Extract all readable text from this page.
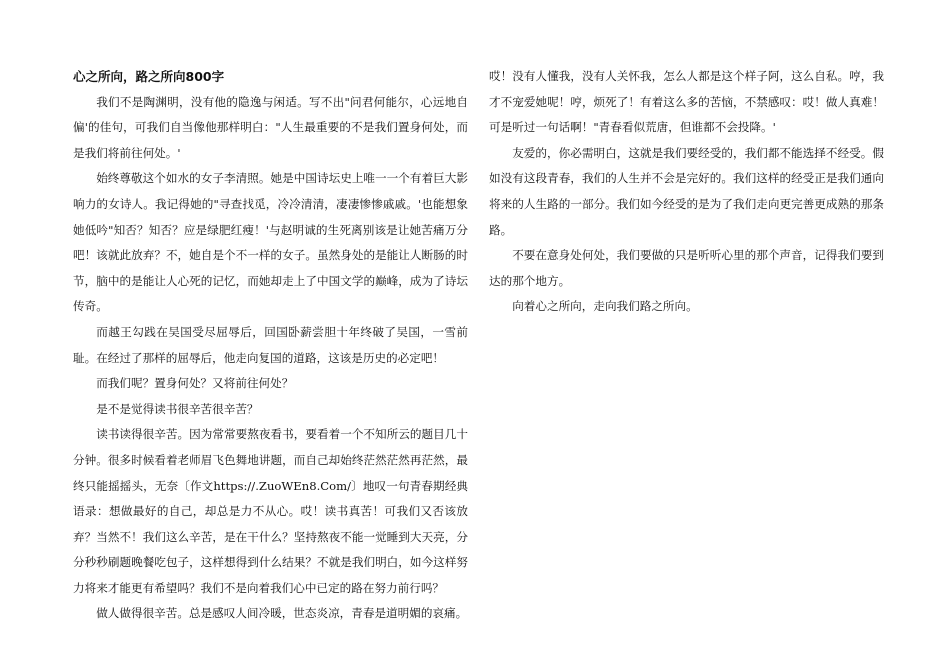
心之所向，路之所向800字

我们不是陶渊明，没有他的隐逸与闲适。写不出"问君何能尔，心远地自偏'的佳句，可我们自当像他那样明白："人生最重要的不是我们置身何处，而是我们将前往何处。'

始终尊敬这个如水的女子李清照。她是中国诗坛史上唯一一个有着巨大影响力的女诗人。我记得她的"寻查找觅，冷冷清清，凄凄惨惨戚戚。'也能想象她低吟"知否？知否？应是绿肥红瘦！'与赵明诚的生死离别该是让她苦痛万分吧！该就此放弃？不，她自是个不一样的女子。虽然身处的是能让人断肠的时节，脑中的是能让人心死的记忆，而她却走上了中国文学的巅峰，成为了诗坛传奇。

而越王勾践在吴国受尽屈辱后，回国卧薪尝胆十年终破了吴国，一雪前耻。在经过了那样的屈辱后，他走向复国的道路，这该是历史的必定吧！

而我们呢？置身何处？又将前往何处？

是不是觉得读书很辛苦很辛苦？

读书读得很辛苦。因为常常要熬夜看书，要看着一个不知所云的题目几十分钟。很多时候看着老师眉飞色舞地讲题，而自己却始终茫然茫然再茫然，最终只能摇摇头，无奈〔作文https://.ZuoWEn8.Com/〕地叹一句青春期经典语录：想做最好的自己，却总是力不从心。哎！读书真苦！可我们又否该放弃？当然不！我们这么辛苦，是在干什么？坚持熬夜不能一觉睡到大天亮，分分秒秒刷题晚餐吃包子，这样想得到什么结果？不就是我们明白，如今这样努力将来才能更有希望吗？我们不是向着我们心中已定的路在努力前行吗？

做人做得很辛苦。总是感叹人间冷暖，世态炎凉，青春是道明媚的哀痛。

哎！没有人懂我，没有人关怀我，怎么人都是这个样子阿，这么自私。哼，我才不宠爱她呢！哼，烦死了！有着这么多的苦恼，不禁感叹：哎！做人真难！可是听过一句话啊！"青春看似荒唐，但谁都不会投降。'

友爱的，你必需明白，这就是我们要经受的，我们都不能选择不经受。假如没有这段青春，我们的人生并不会是完好的。我们这样的经受正是我们通向将来的人生路的一部分。我们如今经受的是为了我们走向更完善更成熟的那条路。

不要在意身处何处，我们要做的只是听听心里的那个声音，记得我们要到达的那个地方。

向着心之所向，走向我们路之所向。
